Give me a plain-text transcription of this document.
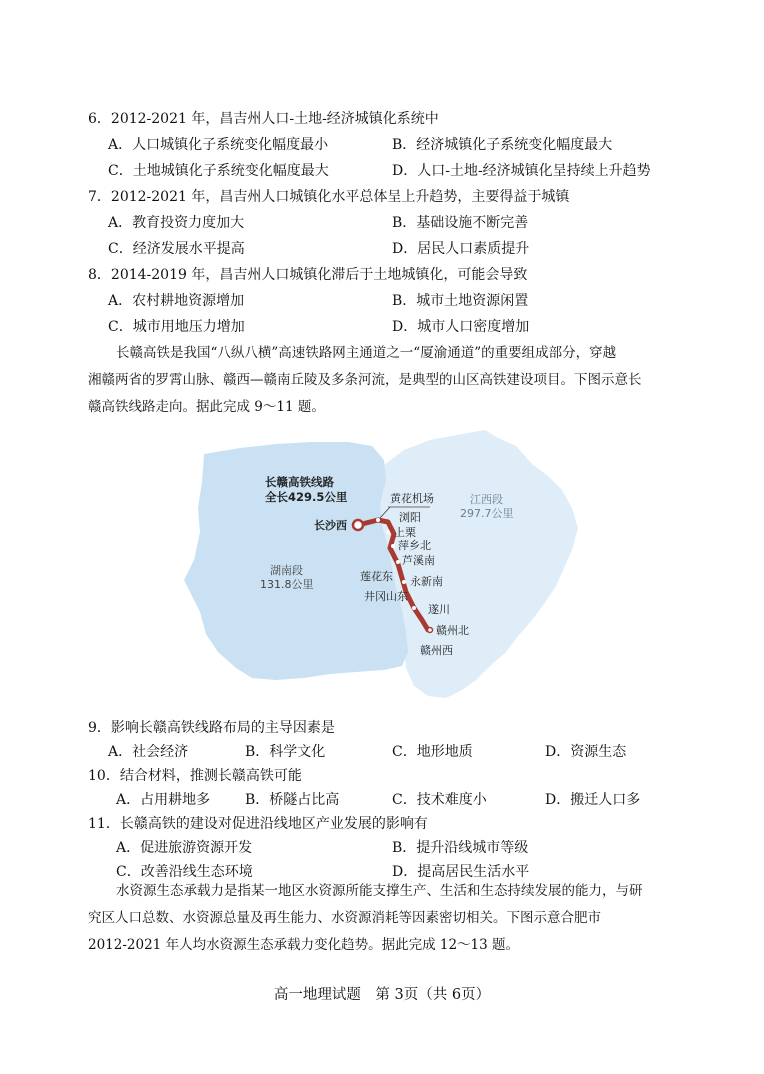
6．2012-2021 年，昌吉州人口-土地-经济城镇化系统中
A．人口城镇化子系统变化幅度最小	B．经济城镇化子系统变化幅度最大
C．土地城镇化子系统变化幅度最大	D．人口-土地-经济城镇化呈持续上升趋势
7．2012-2021 年，昌吉州人口城镇化水平总体呈上升趋势，主要得益于城镇
A．教育投资力度加大	B．基础设施不断完善
C．经济发展水平提高	D．居民人口素质提升
8．2014-2019 年，昌吉州人口城镇化滞后于土地城镇化，可能会导致
A．农村耕地资源增加	B．城市土地资源闲置
C．城市用地压力增加	D．城市人口密度增加
长赣高铁是我国“八纵八横”高速铁路网主通道之一“厦渝通道”的重要组成部分，穿越
湘赣两省的罗霄山脉、赣西—赣南丘陵及多条河流，是典型的山区高铁建设项目。下图示意长
赣高铁线路走向。据此完成 9～11 题。
长赣高铁线路
全长429.5公里
湖南段
131.8公里
江西段
297.7公里
黄花机场
长沙西
浏阳
上栗
萍乡北
芦溪南
莲花东 永新南
井冈山东
遂川
赣州北
赣州西
9．影响长赣高铁线路布局的主导因素是
A．社会经济	B．科学文化	C．地形地质	D．资源生态
10．结合材料，推测长赣高铁可能
A．占用耕地多 B．桥隧占比高	C．技术难度小	D．搬迁人口多
11．长赣高铁的建设对促进沿线地区产业发展的影响有
A．促进旅游资源开发	B．提升沿线城市等级
C．改善沿线生态环境	D．提高居民生活水平
水资源生态承载力是指某一地区水资源所能支撑生产、生活和生态持续发展的能力，与研
究区人口总数、水资源总量及再生能力、水资源消耗等因素密切相关。下图示意合肥市
2012-2021 年人均水资源生态承载力变化趋势。据此完成 12～13 题。
高一地理试题　第 3页（共 6页）
